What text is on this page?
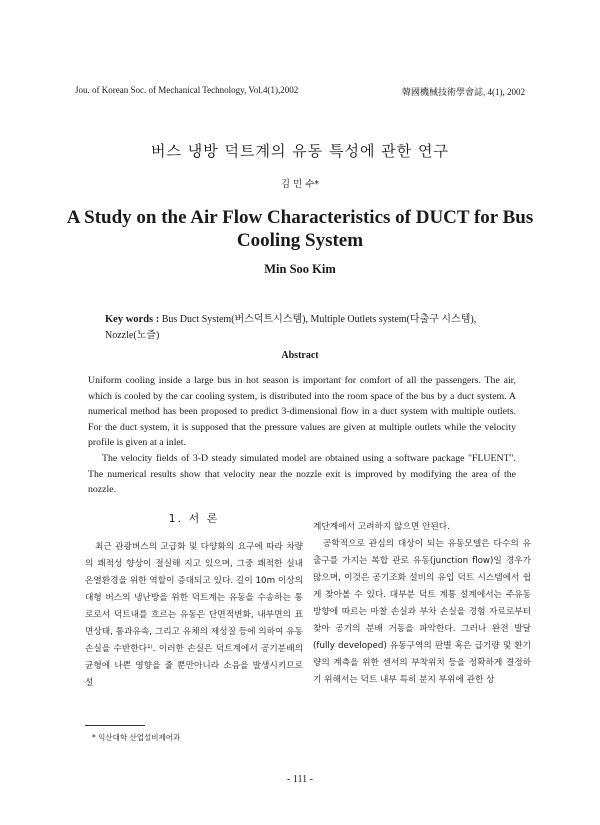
Jou. of Korean Soc. of Mechanical Technology, Vol.4(1),2002	韓國機械技術學會誌, 4(1), 2002
버스 냉방 덕트계의 유동 특성에 관한 연구
김 민 수*
A Study on the Air Flow Characteristics of DUCT for Bus Cooling System
Min Soo Kim
Key words : Bus Duct System(버스덕트시스템), Multiple Outlets system(다출구 시스템), Nozzle(노즐)
Abstract

Uniform cooling inside a large bus in hot season is important for comfort of all the passengers. The air, which is cooled by the car cooling system, is distributed into the room space of the bus by a duct system. A numerical method has been proposed to predict 3-dimensional flow in a duct system with multiple outlets. For the duct system, it is supposed that the pressure values are given at multiple outlets while the velocity profile is given at a inlet.

The velocity fields of 3-D steady simulated model are obtained using a software package "FLUENT". The numerical results show that velocity near the nozzle exit is improved by modifying the area of the nozzle.

1. 서 론

최근 관광버스의 고급화 및 다양화의 요구에 따라 차량의 쾌적성 향상이 절실해 지고 있으며, 그중 쾌적한 실내 온열환경을 위한 역할이 증대되고 있다. 길이 10m 이상의 대형 버스의 냉난방을 위한 덕트계는 유동을 수송하는 통로로서 덕트내를 흐르는 유동은 단면적변화, 내부면의 표면상태, 통과유속, 그리고 유체의 제성질 등에 의하여 유동손실을 수반한다¹⁾. 이러한 손실은 덕트계에서 공기분배의 균형에 나쁜 영향을 줄 뿐만아니라 소음을 발생시키므로 설

계단계에서 고려하지 않으면 안된다.

공학적으로 관심의 대상이 되는 유동모델은 다수의 유출구를 가지는 복합 관로 유동(junction flow)일 경우가 많으며, 이것은 공기조화 설비의 유입 덕트 시스템에서 쉽게 찾아볼 수 있다. 대부분 덕트 계통 설계에서는 주유동 방향에 따르는 마찰 손실과 부차 손실을 경험 자료로부터 찾아 공기의 분배 거동을 파악한다. 그러나 완전 발달(fully developed) 유동구역의 판별 혹은 급기량 및 환기량의 계측을 위한 센서의 부착위치 등을 정확하게 결정하기 위해서는 덕트 내부 특히 분지 부위에 관한 상

* 익산대학 산업설비제어과
- 111 -
